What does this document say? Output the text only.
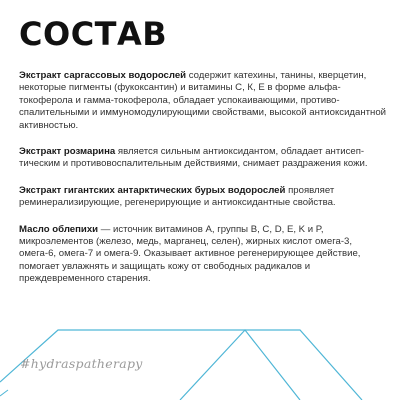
СОСТАВ

Экстракт саргассовых водорослей содержит катехины, танины, кверцетин, некоторые пигменты (фукоксантин) и витамины С, К, Е в форме альфа-токоферола и гамма-токоферола, обладает успокаивающими, противо-спалительными и иммуномодулирующими свойствами, высокой антиоксидантной активностью.

Экстракт розмарина является сильным антиоксидантом, обладает антисеп-тическим и противовоспалительным действиями, снимает раздражения кожи.

Экстракт гигантских антарктических бурых водорослей проявляет реминерализирующие, регенерирующие и антиоксидантные свойства.

Масло облепихи — источник витаминов А, группы В, С, D, E, K и P, микроэлементов (железо, медь, марганец, селен), жирных кислот омега-3, омега-6, омега-7 и омега-9. Оказывает активное регенерирующее действие, помогает увлажнять и защищать кожу от свободных радикалов и преждевременного старения.

#hydraspatherapy
